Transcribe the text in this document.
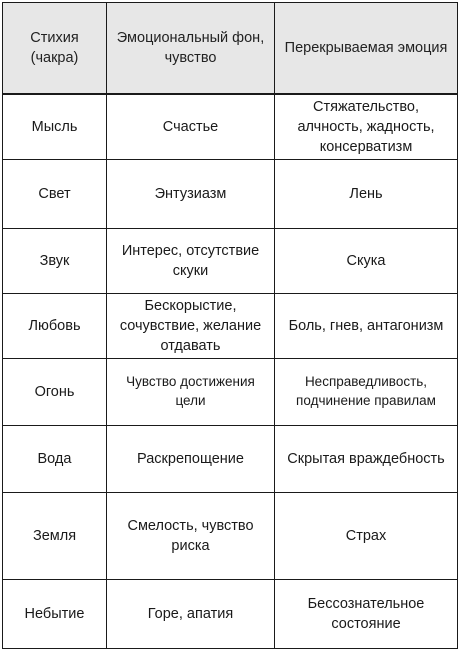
Стихия (чакра)	Эмоциональный фон, чувство	Перекрываемая эмоция

Мысль	Счастье	Стяжательство, алчность, жадность, консерватизм

Свет	Энтузиазм	Лень

Звук	Интерес, отсутствие скуки	Скука

Любовь	Бескорыстие, сочувствие, желание отдавать	Боль, гнев, антагонизм

Огонь	Чувство достижения цели	Несправедливость, подчинение правилам

Вода	Раскрепощение	Скрытая враждебность

Земля	Смелость, чувство риска	Страх

Небытие	Горе, апатия	Бессознательное состояние
